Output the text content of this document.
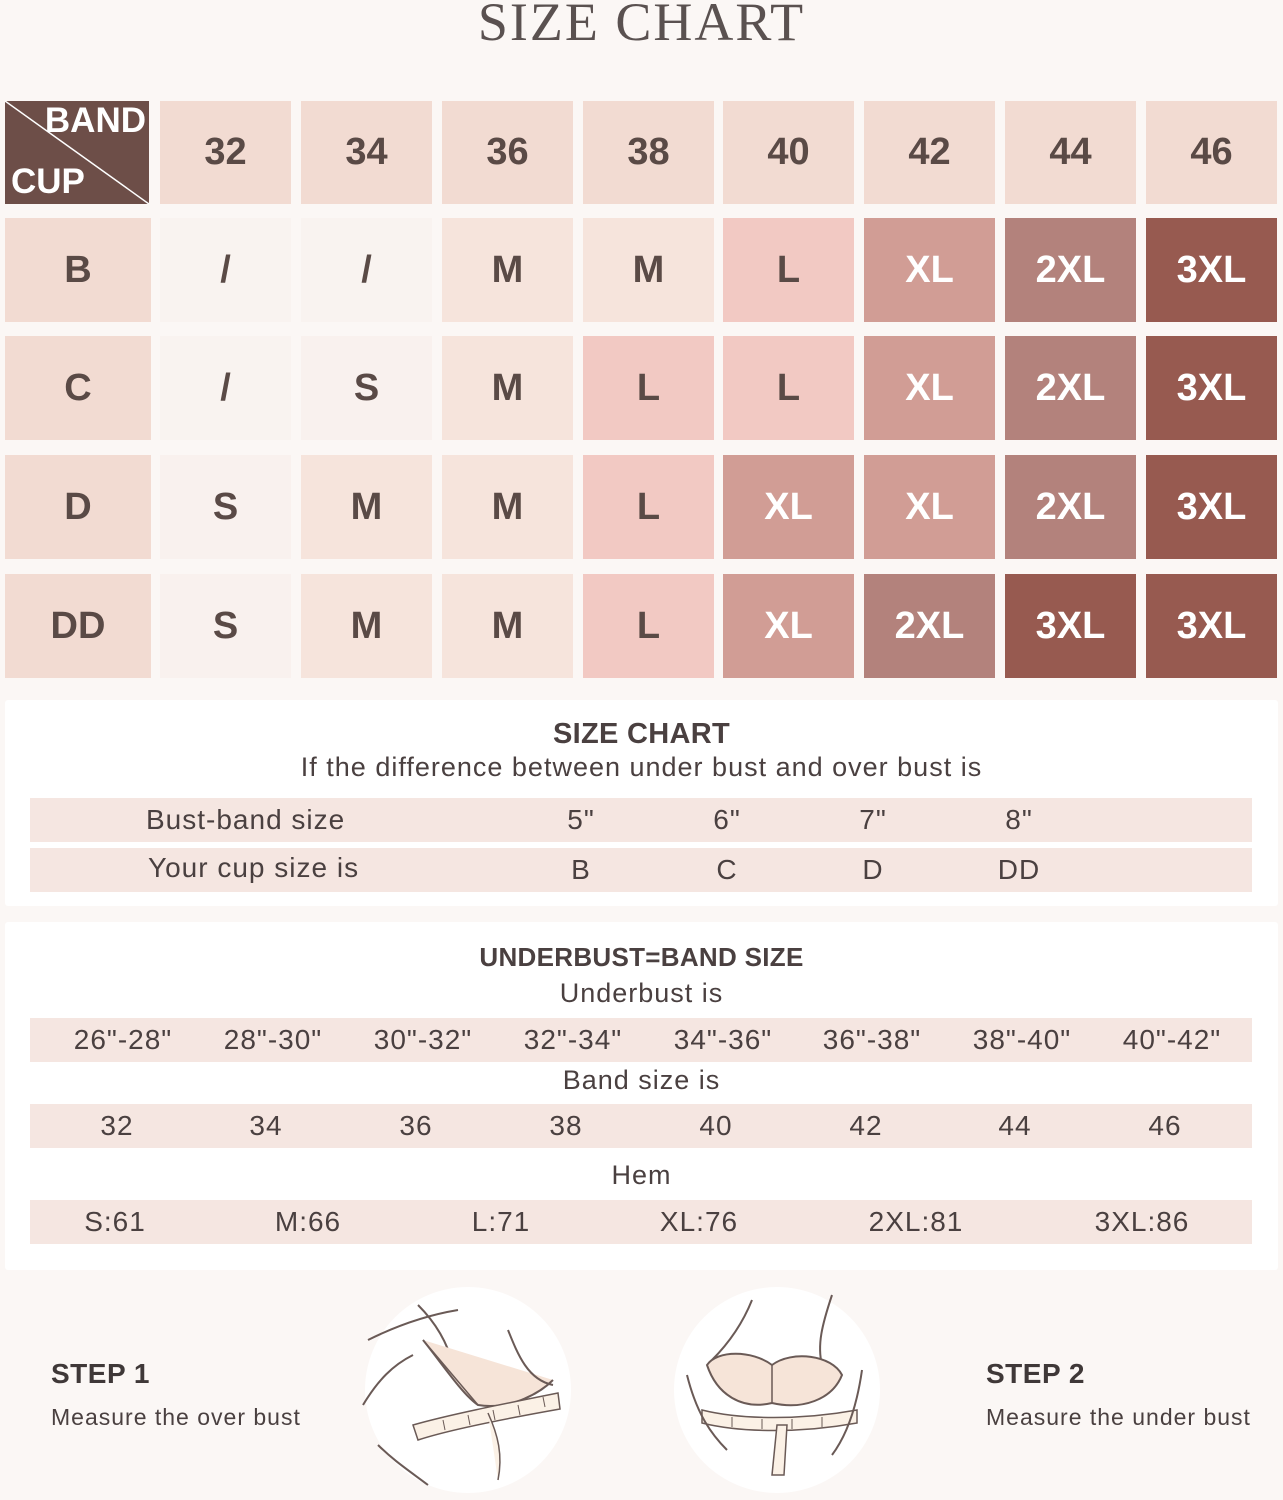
SIZE CHART
BAND
CUP
32	34	36	38	40	42	44	46
B	/	/	M	M	L	XL	2XL	3XL
C	/	S	M	L	L	XL	2XL	3XL
D	S	M	M	L	XL	XL	2XL	3XL
DD	S	M	M	L	XL	2XL	3XL	3XL
SIZE CHART
If the difference between under bust and over bust is
Bust-band size	5"	6"	7"	8"
Your cup size is	B	C	D	DD
UNDERBUST=BAND SIZE
Underbust is
26"-28" 28"-30" 30"-32" 32"-34" 34"-36" 36"-38" 38"-40" 40"-42"
Band size is
32	34	36	38	40	42	44	46
Hem
S:61	M:66	L:71	XL:76	2XL:81	3XL:86
STEP 1
Measure the over bust
STEP 2
Measure the under bust
